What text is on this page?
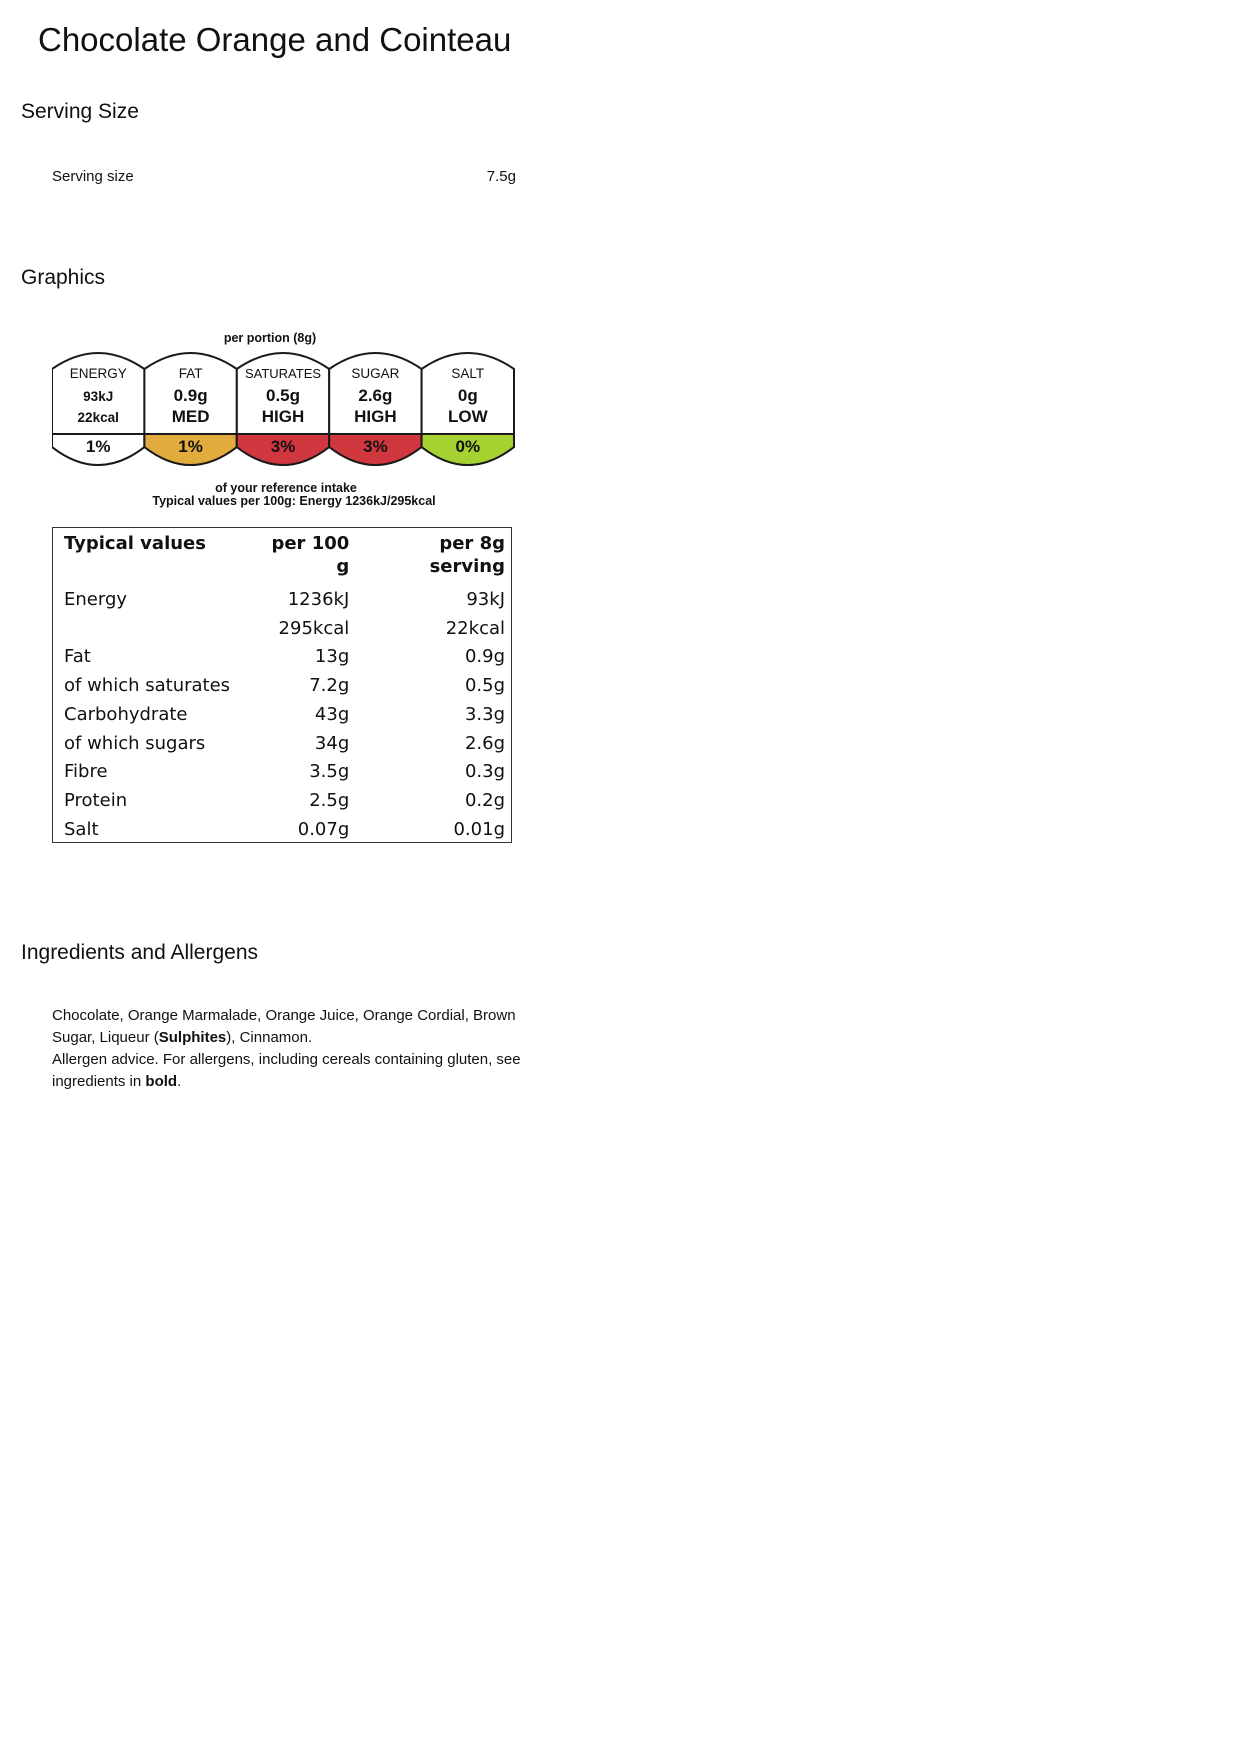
Chocolate Orange and Cointeau
Serving Size
Serving size	7.5g
Graphics
per portion (8g)
ENERGY
93kJ
22kcal
1%
FAT
0.9g
MED
1%
SATURATES
0.5g
HIGH
3%
SUGAR
2.6g
HIGH
3%
SALT
0g
LOW
0%
of your reference intake
Typical values per 100g: Energy 1236kJ/295kcal
Typical values	per 100 g	per 8g serving
Energy	1236kJ	93kJ
	295kcal	22kcal
Fat	13g	0.9g
of which saturates	7.2g	0.5g
Carbohydrate	43g	3.3g
of which sugars	34g	2.6g
Fibre	3.5g	0.3g
Protein	2.5g	0.2g
Salt	0.07g	0.01g
Ingredients and Allergens

Chocolate, Orange Marmalade, Orange Juice, Orange Cordial, Brown Sugar, Liqueur (Sulphites), Cinnamon.

Allergen advice. For allergens, including cereals containing gluten, see ingredients in bold.
